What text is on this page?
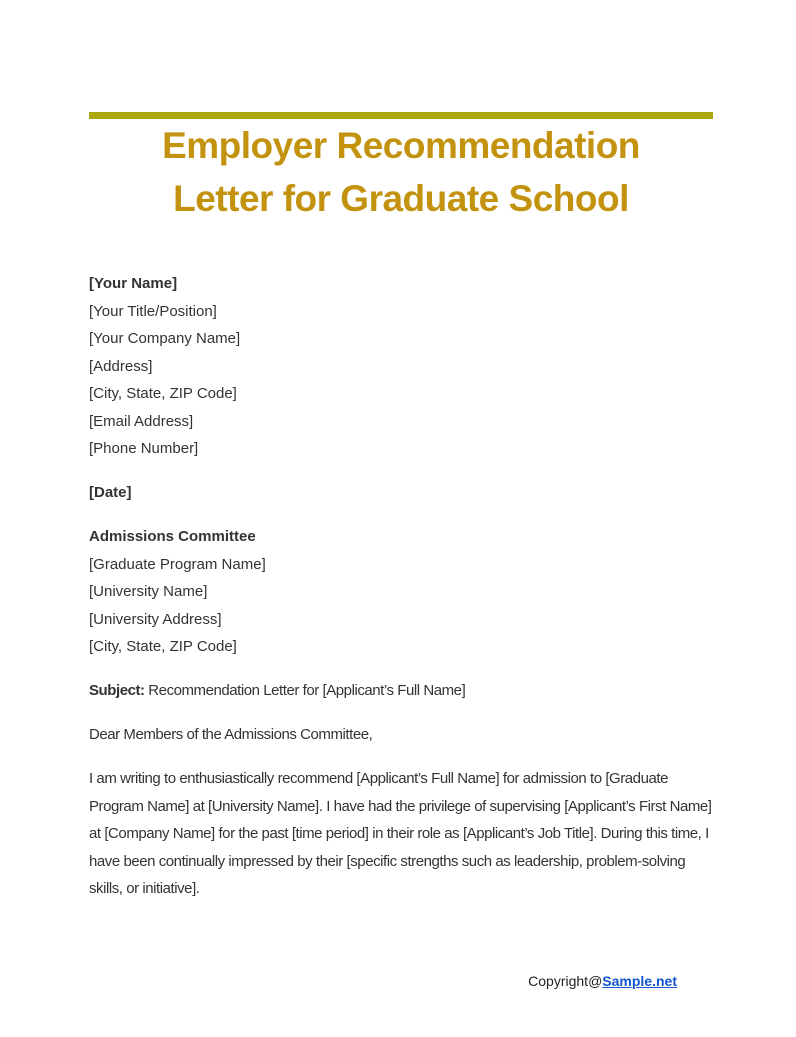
Employer Recommendation
Letter for Graduate School

[Your Name]
[Your Title/Position]
[Your Company Name]
[Address]
[City, State, ZIP Code]
[Email Address]
[Phone Number]

[Date]

Admissions Committee
[Graduate Program Name]
[University Name]
[University Address]
[City, State, ZIP Code]

Subject: Recommendation Letter for [Applicant’s Full Name]

Dear Members of the Admissions Committee,

I am writing to enthusiastically recommend [Applicant’s Full Name] for admission to [Graduate Program Name] at [University Name]. I have had the privilege of supervising [Applicant’s First Name] at [Company Name] for the past [time period] in their role as [Applicant’s Job Title]. During this time, I have been continually impressed by their [specific strengths such as leadership, problem-solving skills, or initiative].

Copyright@Sample.net
